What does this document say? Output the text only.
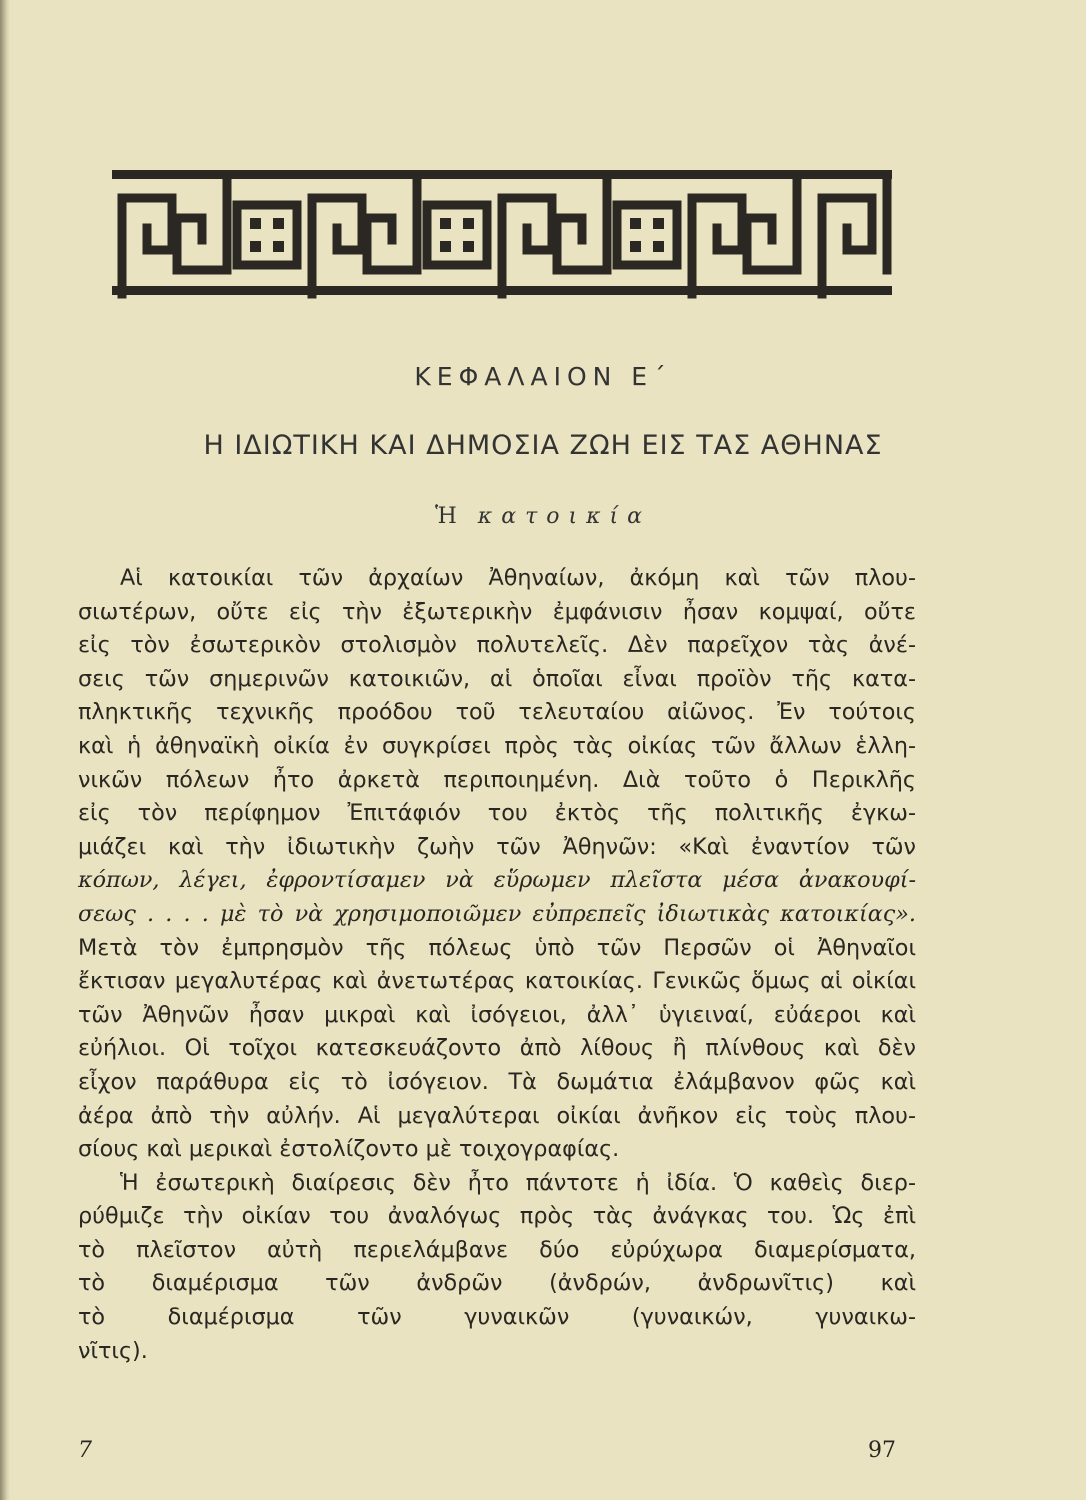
ΚΕΦΑΛΑΙΟΝ Ε΄
Η ΙΔΙΩΤΙΚΗ ΚΑΙ ΔΗΜΟΣΙΑ ΖΩΗ ΕΙΣ ΤΑΣ ΑΘΗΝΑΣ
Ἡ κατοικία
Αἱ κατοικίαι τῶν ἀρχαίων Ἀθηναίων, ἀκόμη καὶ τῶν πλου-
σιωτέρων, οὔτε εἰς τὴν ἐξωτερικὴν ἐμφάνισιν ἦσαν κομψαί, οὔτε
εἰς τὸν ἐσωτερικὸν στολισμὸν πολυτελεῖς. Δὲν παρεῖχον τὰς ἀνέ-
σεις τῶν σημερινῶν κατοικιῶν, αἱ ὁποῖαι εἶναι προϊὸν τῆς κατα-
πληκτικῆς τεχνικῆς προόδου τοῦ τελευταίου αἰῶνος. Ἐν τούτοις
καὶ ἡ ἀθηναϊκὴ οἰκία ἐν συγκρίσει πρὸς τὰς οἰκίας τῶν ἄλλων ἑλλη-
νικῶν πόλεων ἦτο ἀρκετὰ περιποιημένη. Διὰ τοῦτο ὁ Περικλῆς
εἰς τὸν περίφημον Ἐπιτάφιόν του ἐκτὸς τῆς πολιτικῆς ἐγκω-
μιάζει καὶ τὴν ἰδιωτικὴν ζωὴν τῶν Ἀθηνῶν: «Καὶ ἐναντίον τῶν
κόπων, λέγει, ἐφροντίσαμεν νὰ εὕρωμεν πλεῖστα μέσα ἀνακουφί-
σεως . . . . μὲ τὸ νὰ χρησιμοποιῶμεν εὐπρεπεῖς ἰδιωτικὰς κατοικίας».
Μετὰ τὸν ἐμπρησμὸν τῆς πόλεως ὑπὸ τῶν Περσῶν οἱ Ἀθηναῖοι
ἔκτισαν μεγαλυτέρας καὶ ἀνετωτέρας κατοικίας. Γενικῶς ὅμως αἱ οἰκίαι
τῶν Ἀθηνῶν ἦσαν μικραὶ καὶ ἰσόγειοι, ἀλλ᾽ ὑγιειναί, εὐάεροι καὶ
εὐήλιοι. Οἱ τοῖχοι κατεσκευάζοντο ἀπὸ λίθους ἢ πλίνθους καὶ δὲν
εἶχον παράθυρα εἰς τὸ ἰσόγειον. Τὰ δωμάτια ἐλάμβανον φῶς καὶ
ἀέρα ἀπὸ τὴν αὐλήν. Αἱ μεγαλύτεραι οἰκίαι ἀνῆκον εἰς τοὺς πλου-
σίους καὶ μερικαὶ ἐστολίζοντο μὲ τοιχογραφίας.
Ἡ ἐσωτερικὴ διαίρεσις δὲν ἦτο πάντοτε ἡ ἰδία. Ὁ καθεὶς διερ-
ρύθμιζε τὴν οἰκίαν του ἀναλόγως πρὸς τὰς ἀνάγκας του. Ὡς ἐπὶ
τὸ πλεῖστον αὐτὴ περιελάμβανε δύο εὐρύχωρα διαμερίσματα,
τὸ διαμέρισμα τῶν ἀνδρῶν (ἀνδρών, ἀνδρωνῖτις) καὶ
τὸ διαμέρισμα τῶν γυναικῶν (γυναικών, γυναικω-
νῖτις).
7	97
